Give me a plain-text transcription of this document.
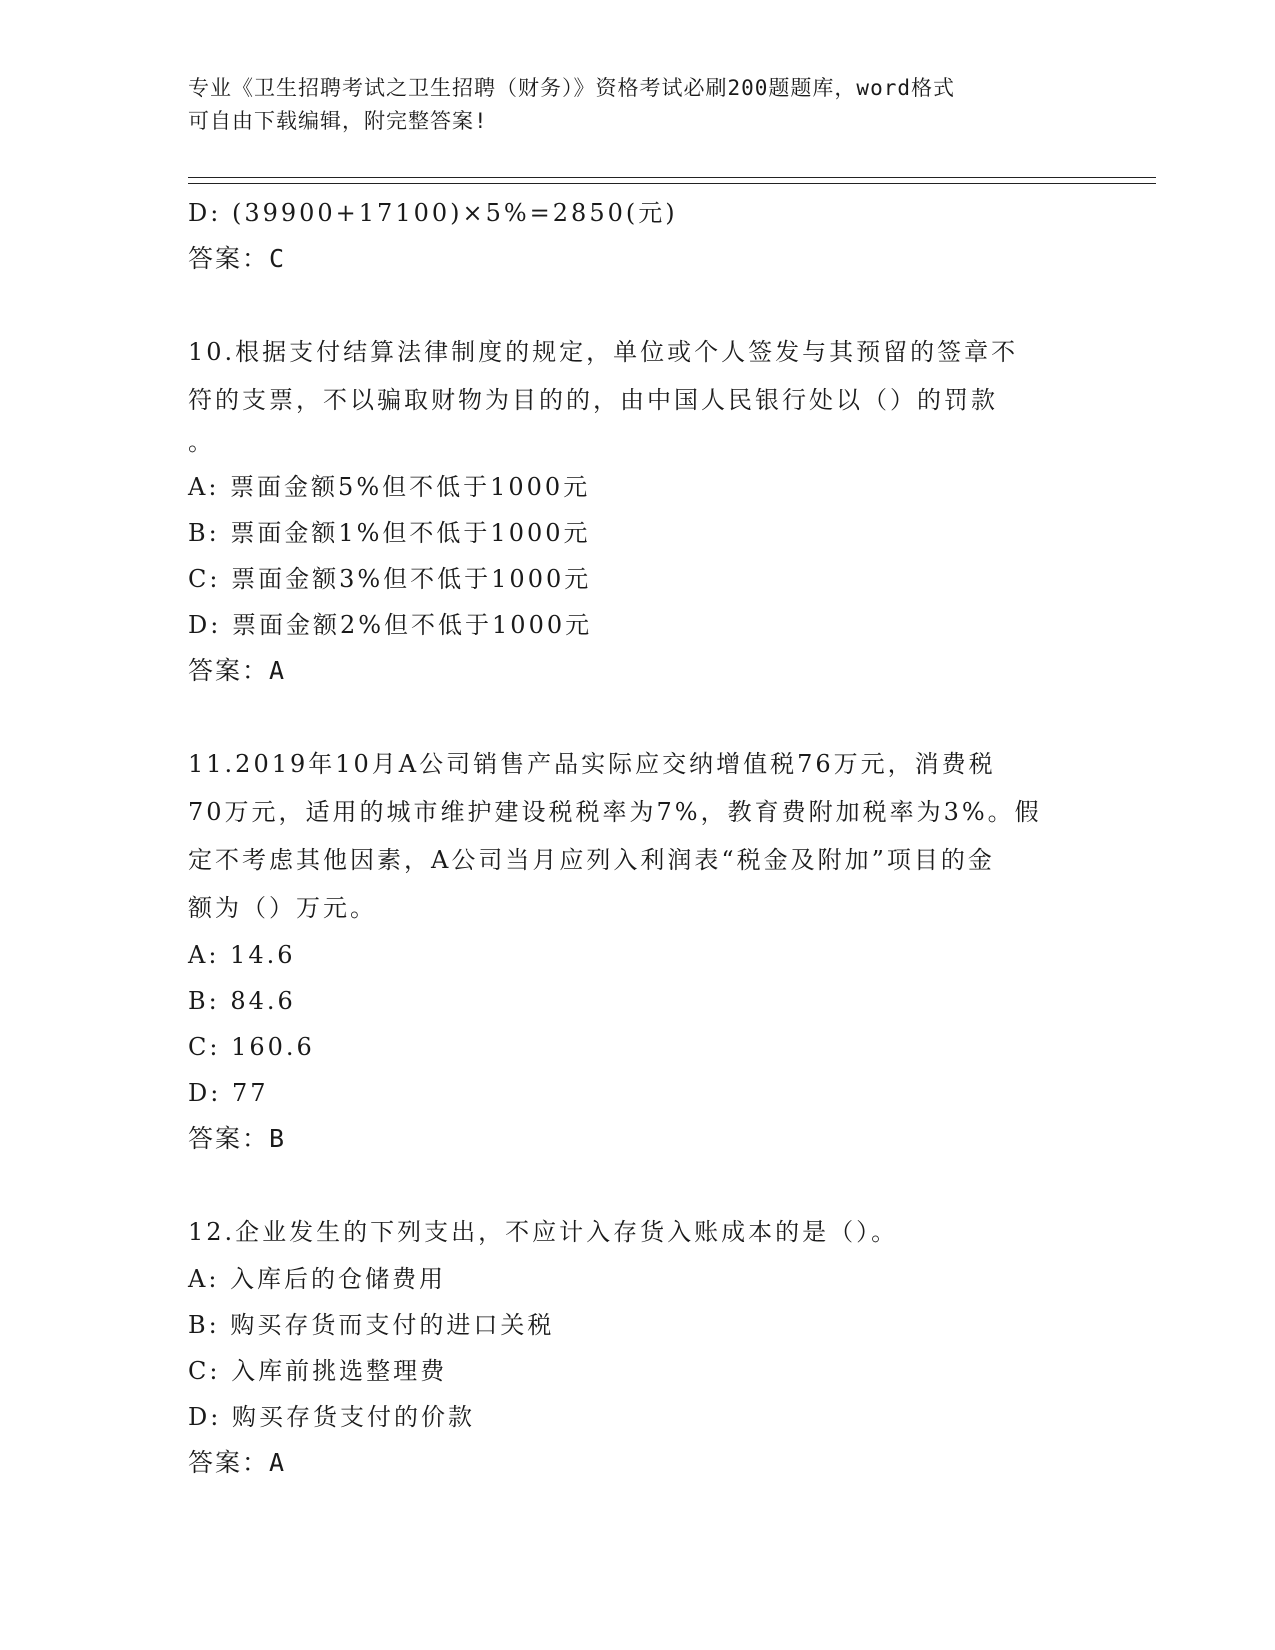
专业《卫生招聘考试之卫生招聘（财务）》资格考试必刷200题题库，word格式
可自由下载编辑，附完整答案!
D: (39900+17100)×5%=2850(元)
答案：C
10.根据支付结算法律制度的规定，单位或个人签发与其预留的签章不
符的支票，不以骗取财物为目的的，由中国人民银行处以（）的罚款
。
A: 票面金额5%但不低于1000元
B: 票面金额1%但不低于1000元
C: 票面金额3%但不低于1000元
D: 票面金额2%但不低于1000元
答案：A
11.2019年10月A公司销售产品实际应交纳增值税76万元，消费税
70万元，适用的城市维护建设税税率为7%，教育费附加税率为3%。假
定不考虑其他因素，A公司当月应列入利润表“税金及附加”项目的金
额为（）万元。
A: 14.6
B: 84.6
C: 160.6
D: 77
答案：B
12.企业发生的下列支出，不应计入存货入账成本的是（）。
A: 入库后的仓储费用
B: 购买存货而支付的进口关税
C: 入库前挑选整理费
D: 购买存货支付的价款
答案：A
